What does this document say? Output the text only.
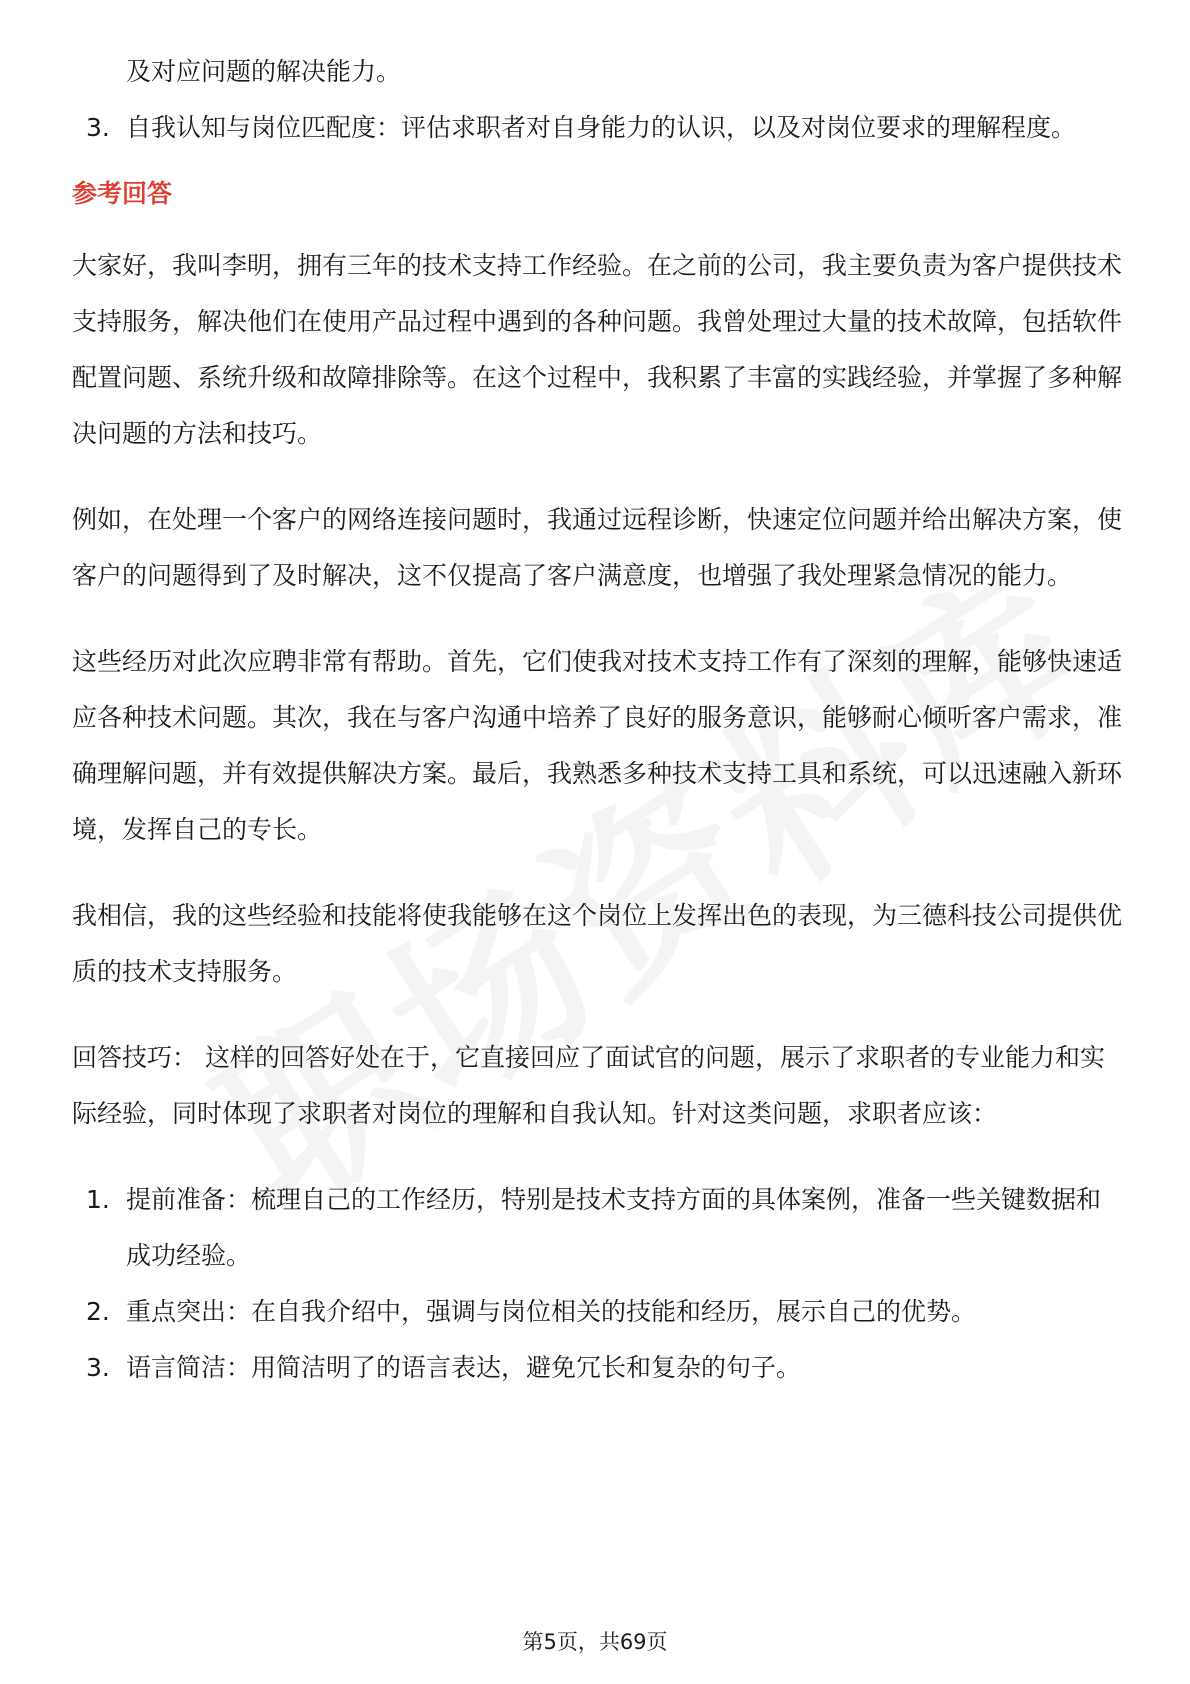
及对应问题的解决能力。
3. 自我认知与岗位匹配度：评估求职者对自身能力的认识，以及对岗位要求的理解程度。
参考回答

大家好，我叫李明，拥有三年的技术支持工作经验。在之前的公司，我主要负责为客户提供技术支持服务，解决他们在使用产品过程中遇到的各种问题。我曾处理过大量的技术故障，包括软件配置问题、系统升级和故障排除等。在这个过程中，我积累了丰富的实践经验，并掌握了多种解决问题的方法和技巧。

例如，在处理一个客户的网络连接问题时，我通过远程诊断，快速定位问题并给出解决方案，使客户的问题得到了及时解决，这不仅提高了客户满意度，也增强了我处理紧急情况的能力。

这些经历对此次应聘非常有帮助。首先，它们使我对技术支持工作有了深刻的理解，能够快速适应各种技术问题。其次，我在与客户沟通中培养了良好的服务意识，能够耐心倾听客户需求，准确理解问题，并有效提供解决方案。最后，我熟悉多种技术支持工具和系统，可以迅速融入新环境，发挥自己的专长。

我相信，我的这些经验和技能将使我能够在这个岗位上发挥出色的表现，为三德科技公司提供优质的技术支持服务。

回答技巧： 这样的回答好处在于，它直接回应了面试官的问题，展示了求职者的专业能力和实际经验，同时体现了求职者对岗位的理解和自我认知。针对这类问题，求职者应该：

1. 提前准备：梳理自己的工作经历，特别是技术支持方面的具体案例，准备一些关键数据和成功经验。
2. 重点突出：在自我介绍中，强调与岗位相关的技能和经历，展示自己的优势。
3. 语言简洁：用简洁明了的语言表达，避免冗长和复杂的句子。
第5页，共69页
